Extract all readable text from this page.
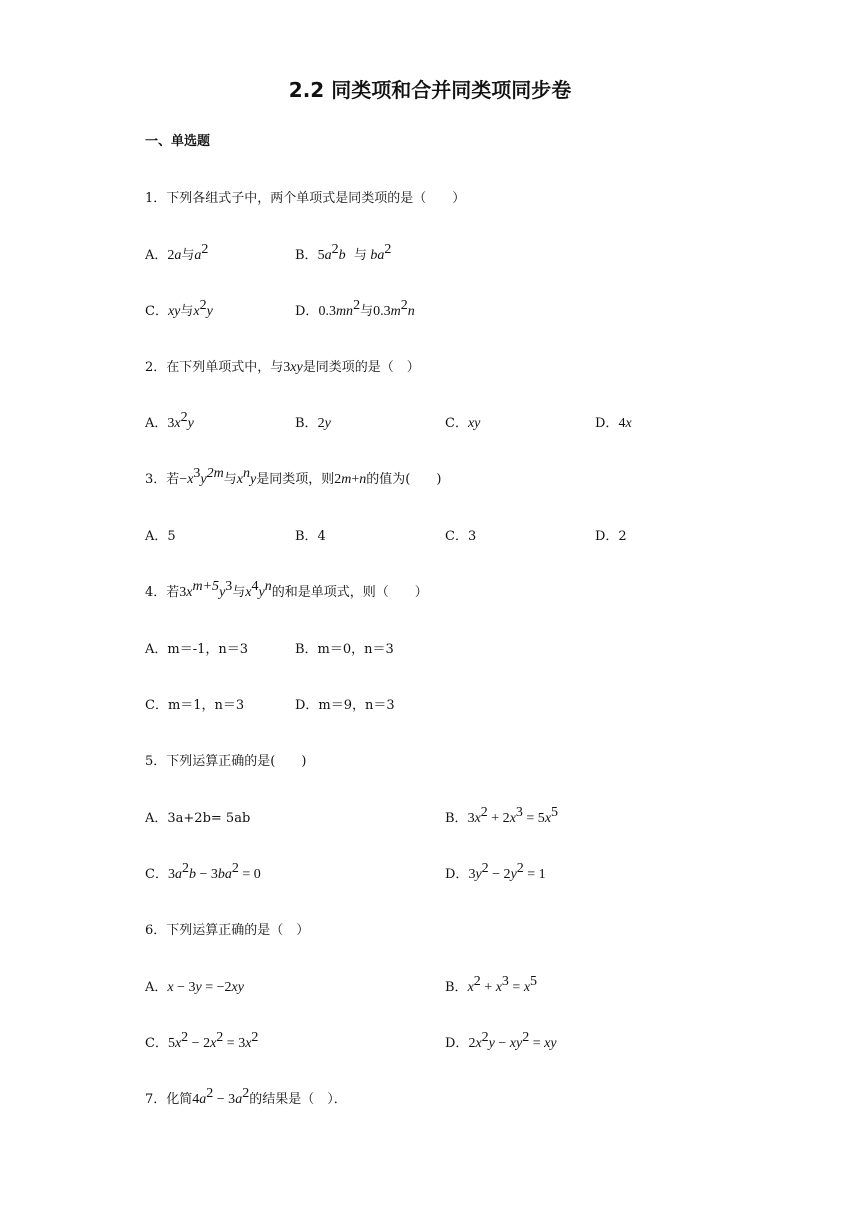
2.2 同类项和合并同类项同步卷
一、单选题
1．下列各组式子中，两个单项式是同类项的是（　　）
A．2a与$a^2$	B．$5a^2b$ 与 $ba^2$
C．xy与$x^2y$	D．$0.3mn^2$与$0.3m^2n$
2．在下列单项式中，与3xy是同类项的是（　）
A．$3x^2y$	B．2y	C．xy	D．4x
3．若$-x^3y^{2m}$与$x^ny$是同类项，则2m+n的值为(　　)
A．5	B．4	C．3	D．2
4．若$3x^{m+5}y^3$与$x^4y^n$的和是单项式，则（　　）
A．m＝-1，n＝3	B．m＝0，n＝3
C．m＝1，n＝3	D．m＝9，n＝3
5．下列运算正确的是(　　)
A．3a+2b= 5ab	B．$3x^2 + 2x^3 = 5x^5$
C．$3a^2b - 3ba^2 = 0$	D．$3y^2 - 2y^2 = 1$
6．下列运算正确的是（　）
A．x − 3y = −2xy	B．$x^2 + x^3 = x^5$
C．$5x^2 - 2x^2 = 3x^2$	D．$2x^2y - xy^2$ = xy
7．化简$4a^2 - 3a^2$的结果是（　）．
